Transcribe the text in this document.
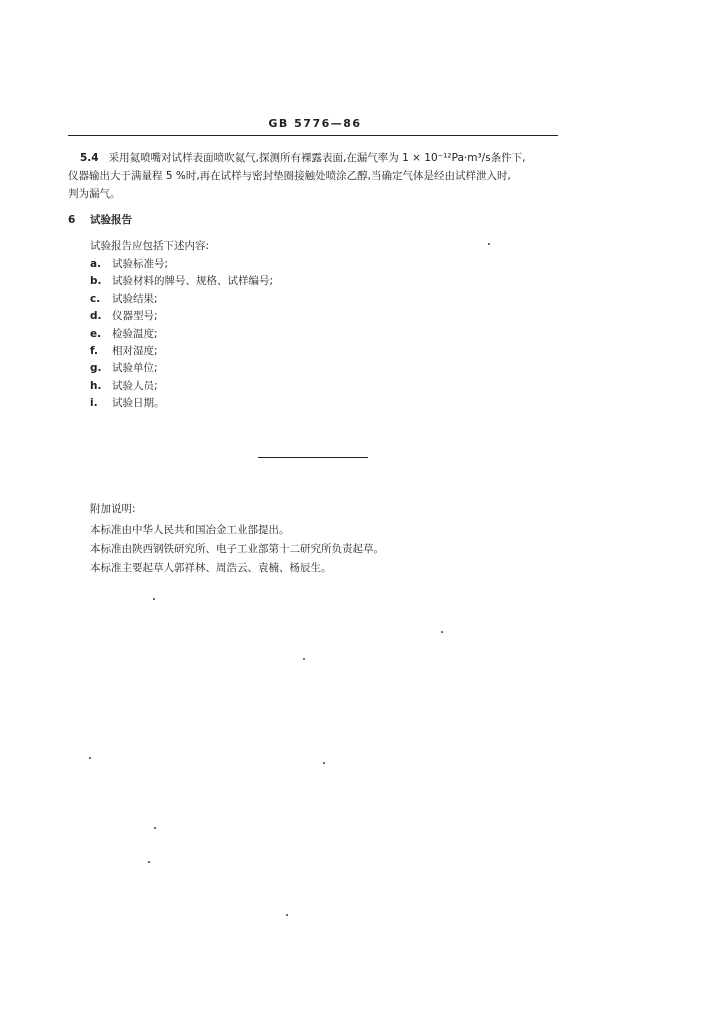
GB 5776—86
5.4 采用氦喷嘴对试样表面喷吹氦气,探测所有裸露表面,在漏气率为 1 × 10⁻¹²Pa·m³/s条件下,
仪器输出大于满量程 5 %时,再在试样与密封垫圈接触处喷涂乙醇,当确定气体是经由试样泄入时,
判为漏气。
6 试验报告
试验报告应包括下述内容:
a. 试验标准号;
b. 试验材料的牌号、规格、试样编号;
c. 试验结果;
d. 仪器型号;
e. 检验温度;
f. 相对湿度;
g. 试验单位;
h. 试验人员;
i. 试验日期。
附加说明:
本标准由中华人民共和国冶金工业部提出。
本标准由陕西钢铁研究所、电子工业部第十二研究所负责起草。
本标准主要起草人郭祥林、周浩云、袁楠、杨辰生。
